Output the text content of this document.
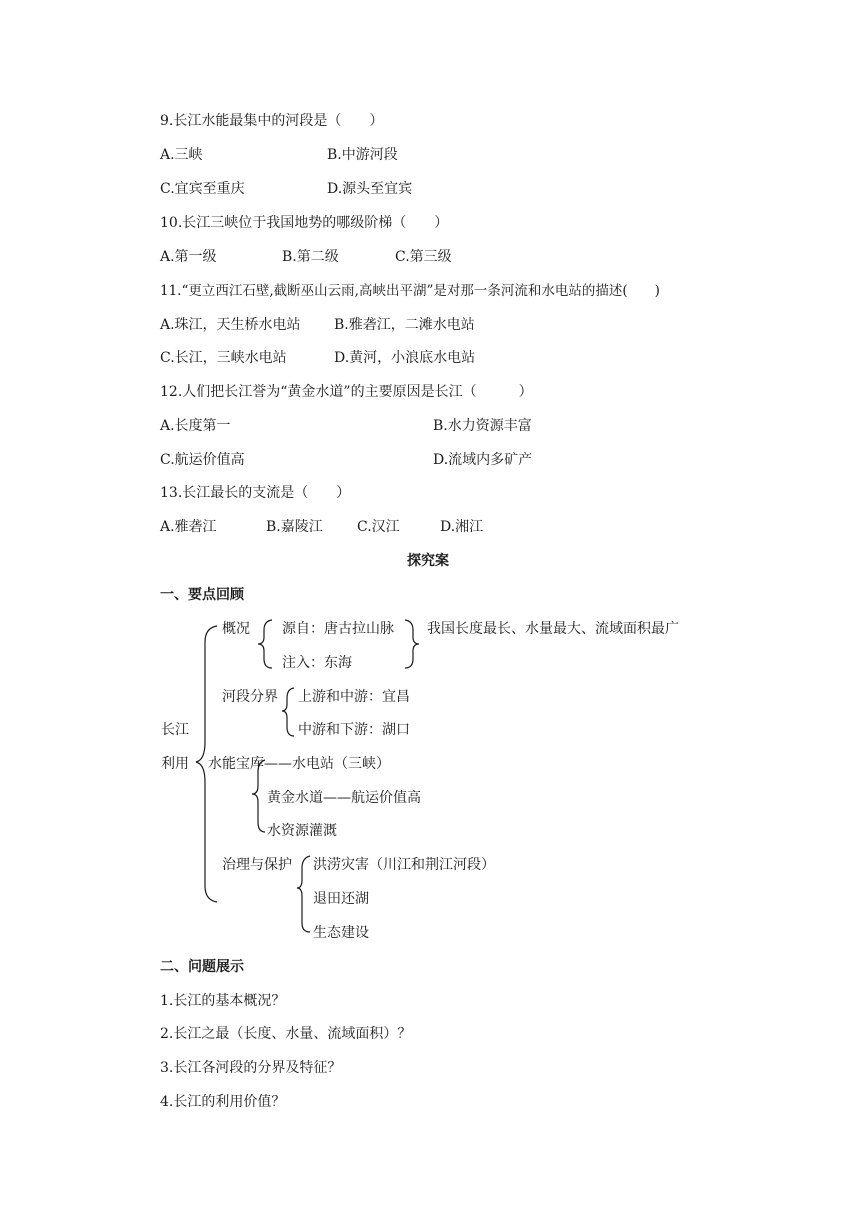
9.长江水能最集中的河段是（　　）
A.三峡	B.中游河段
C.宜宾至重庆	D.源头至宜宾
10.长江三峡位于我国地势的哪级阶梯（　　）
A.第一级	B.第二级	C.第三级
11.“更立西江石壁,截断巫山云雨,高峡出平湖”是对那一条河流和水电站的描述(　　)
A.珠江，天生桥水电站 B.雅砻江，二滩水电站
C.长江，三峡水电站	D.黄河，小浪底水电站
12.人们把长江誉为“黄金水道”的主要原因是长江（　　　）
A.长度第一	B.水力资源丰富
C.航运价值高	D.流域内多矿产
13.长江最长的支流是（　　）
A.雅砻江	B.嘉陵江 C.汉江	D.湘江
探究案
一、要点回顾
长江
利用
概况 源自：唐古拉山脉
注入：东海
我国长度最长、水量最大、流域面积最广
河段分界 上游和中游：宜昌
中游和下游：湖口
水能宝库——水电站（三峡）
黄金水道——航运价值高
水资源灌溉
治理与保护 洪涝灾害（川江和荆江河段）
退田还湖
生态建设
二、问题展示
1.长江的基本概况？
2.长江之最（长度、水量、流域面积）？
3.长江各河段的分界及特征？
4.长江的利用价值？
